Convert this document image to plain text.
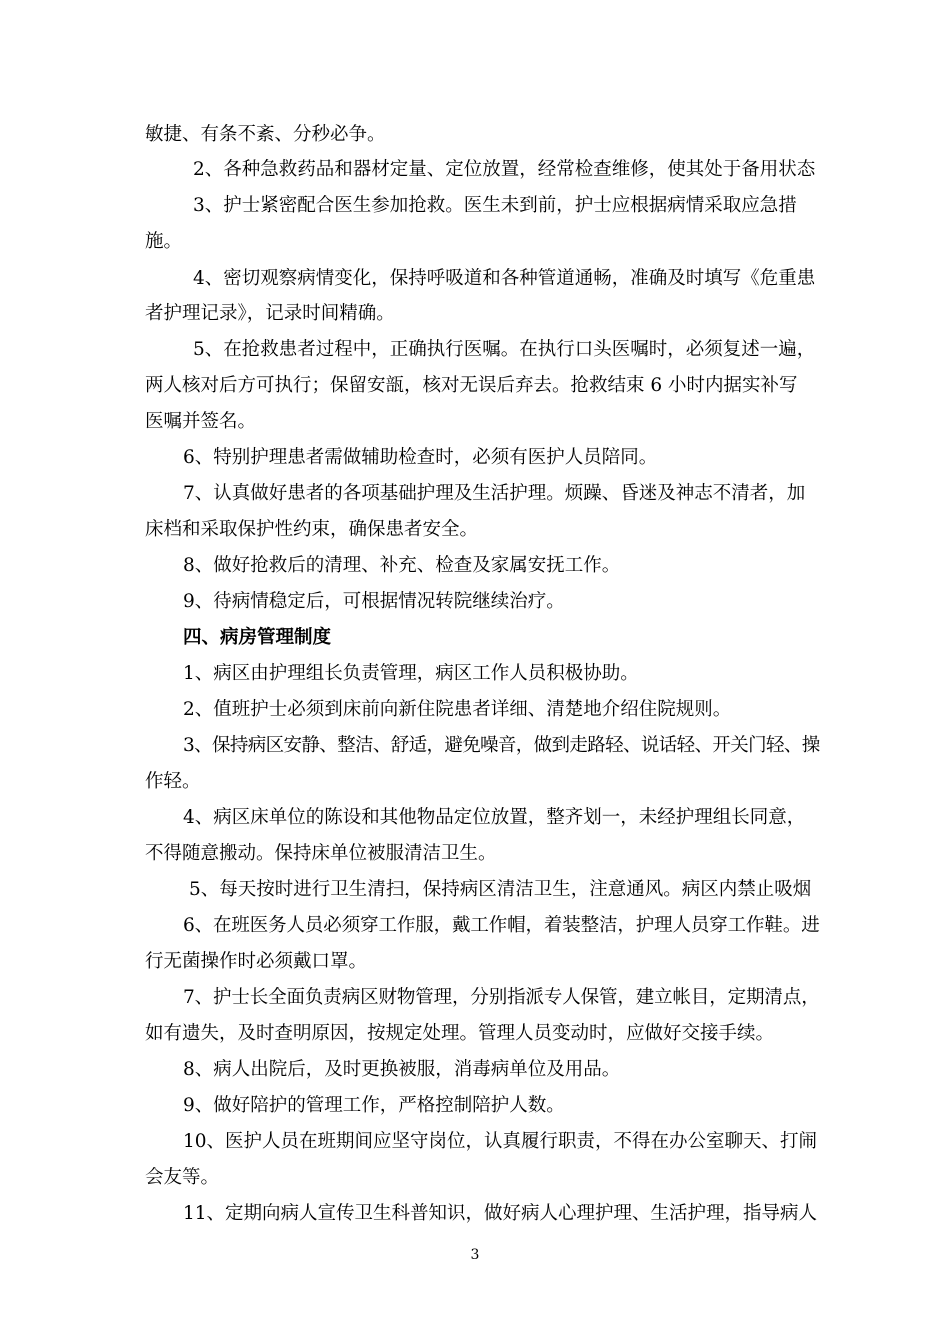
敏捷、有条不紊、分秒必争。
2、各种急救药品和器材定量、定位放置，经常检查维修，使其处于备用状态
3、护士紧密配合医生参加抢救。医生未到前，护士应根据病情采取应急措
施。
4、密切观察病情变化，保持呼吸道和各种管道通畅，准确及时填写《危重患
者护理记录》，记录时间精确。
5、在抢救患者过程中，正确执行医嘱。在执行口头医嘱时，必须复述一遍，
两人核对后方可执行；保留安瓿，核对无误后弃去。抢救结束 6 小时内据实补写
医嘱并签名。
6、特别护理患者需做辅助检查时，必须有医护人员陪同。
7、认真做好患者的各项基础护理及生活护理。烦躁、昏迷及神志不清者，加
床档和采取保护性约束，确保患者安全。
8、做好抢救后的清理、补充、检查及家属安抚工作。
9、待病情稳定后，可根据情况转院继续治疗。
四、病房管理制度
1、病区由护理组长负责管理，病区工作人员积极协助。
2、值班护士必须到床前向新住院患者详细、清楚地介绍住院规则。
3、保持病区安静、整洁、舒适，避免噪音，做到走路轻、说话轻、开关门轻、操
作轻。
4、病区床单位的陈设和其他物品定位放置，整齐划一，未经护理组长同意，
不得随意搬动。保持床单位被服清洁卫生。
5、每天按时进行卫生清扫，保持病区清洁卫生，注意通风。病区内禁止吸烟
6、在班医务人员必须穿工作服，戴工作帽，着装整洁，护理人员穿工作鞋。进
行无菌操作时必须戴口罩。
7、护士长全面负责病区财物管理，分别指派专人保管，建立帐目，定期清点，
如有遗失，及时查明原因，按规定处理。管理人员变动时，应做好交接手续。
8、病人出院后，及时更换被服，消毒病单位及用品。
9、做好陪护的管理工作，严格控制陪护人数。
10、医护人员在班期间应坚守岗位，认真履行职责，不得在办公室聊天、打闹
会友等。
11、定期向病人宣传卫生科普知识，做好病人心理护理、生活护理，指导病人
3
